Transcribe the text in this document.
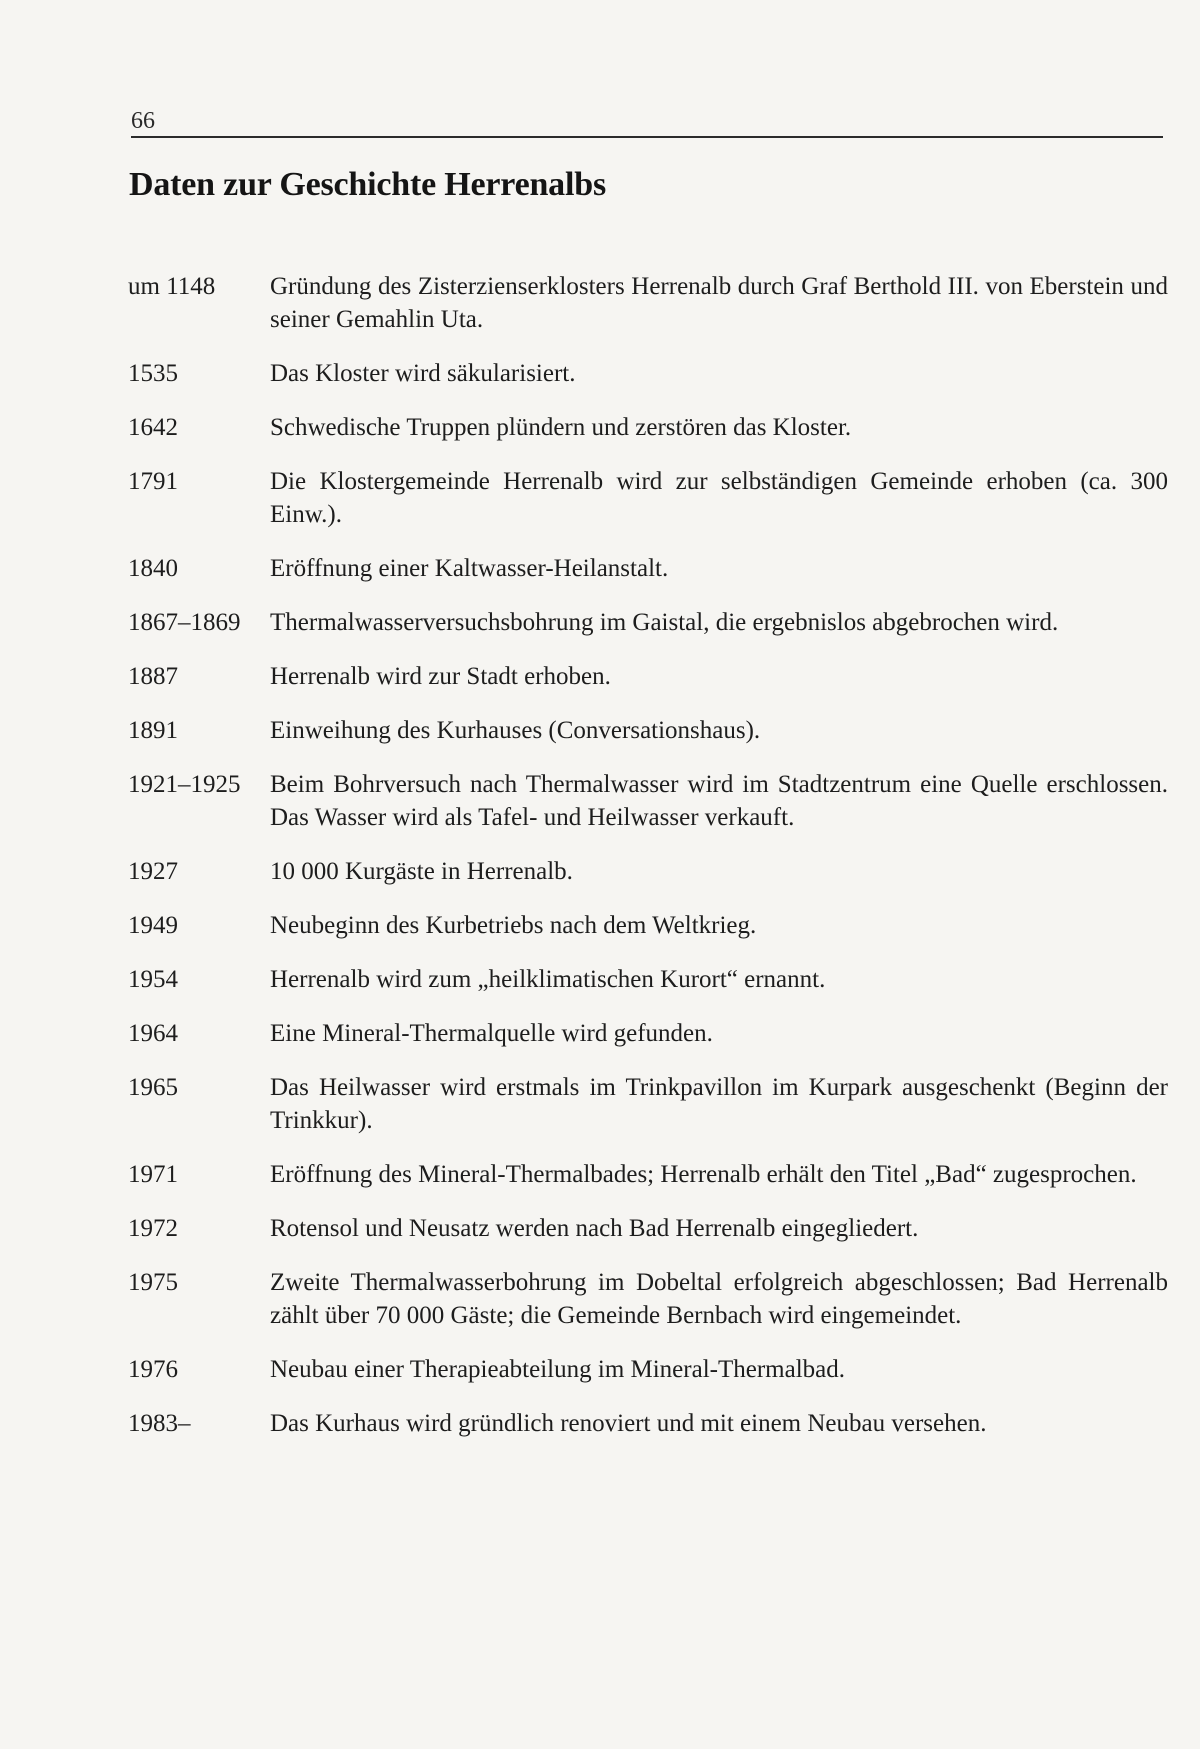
66
Daten zur Geschichte Herrenalbs
um 1148	Gründung des Zisterzienserklosters Herrenalb durch Graf Berthold III. von Eberstein und seiner Gemahlin Uta.
1535	Das Kloster wird säkularisiert.
1642	Schwedische Truppen plündern und zerstören das Kloster.
1791	Die Klostergemeinde Herrenalb wird zur selbständigen Gemeinde erhoben (ca. 300 Einw.).
1840	Eröffnung einer Kaltwasser-Heilanstalt.
1867–1869	Thermalwasserversuchsbohrung im Gaistal, die ergebnislos abgebrochen wird.
1887	Herrenalb wird zur Stadt erhoben.
1891	Einweihung des Kurhauses (Conversationshaus).
1921–1925	Beim Bohrversuch nach Thermalwasser wird im Stadtzentrum eine Quelle erschlossen. Das Wasser wird als Tafel- und Heilwasser verkauft.
1927	10 000 Kurgäste in Herrenalb.
1949	Neubeginn des Kurbetriebs nach dem Weltkrieg.
1954	Herrenalb wird zum „heilklimatischen Kurort“ ernannt.
1964	Eine Mineral-Thermalquelle wird gefunden.
1965	Das Heilwasser wird erstmals im Trinkpavillon im Kurpark ausgeschenkt (Beginn der Trinkkur).
1971	Eröffnung des Mineral-Thermalbades; Herrenalb erhält den Titel „Bad“ zugesprochen.
1972	Rotensol und Neusatz werden nach Bad Herrenalb eingegliedert.
1975	Zweite Thermalwasserbohrung im Dobeltal erfolgreich abgeschlossen; Bad Herrenalb zählt über 70 000 Gäste; die Gemeinde Bernbach wird eingemeindet.
1976	Neubau einer Therapieabteilung im Mineral-Thermalbad.
1983–	Das Kurhaus wird gründlich renoviert und mit einem Neubau versehen.
